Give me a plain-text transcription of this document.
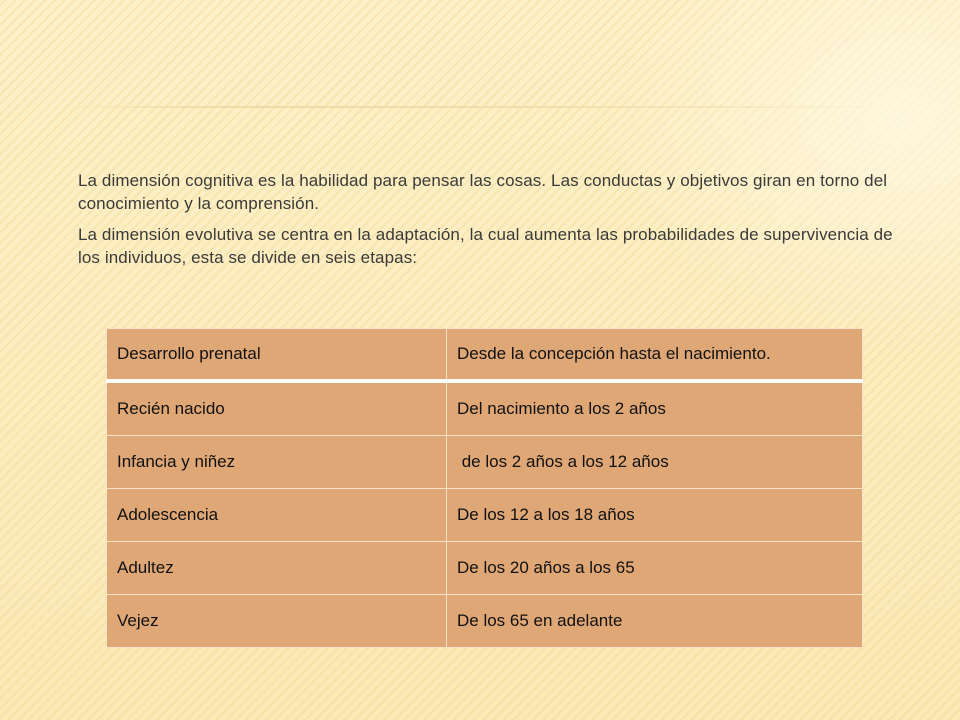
La dimensión cognitiva es la habilidad para pensar las cosas. Las conductas y objetivos giran en torno del conocimiento y la comprensión.

La dimensión evolutiva se centra en la adaptación, la cual aumenta las probabilidades de supervivencia de los individuos, esta se divide en seis etapas:

Desarrollo prenatal	Desde la concepción hasta el nacimiento.
Recién nacido	Del nacimiento a los 2 años
Infancia y niñez	de los 2 años a los 12 años
Adolescencia	De los 12 a los 18 años
Adultez	De los 20 años a los 65
Vejez	De los 65 en adelante
